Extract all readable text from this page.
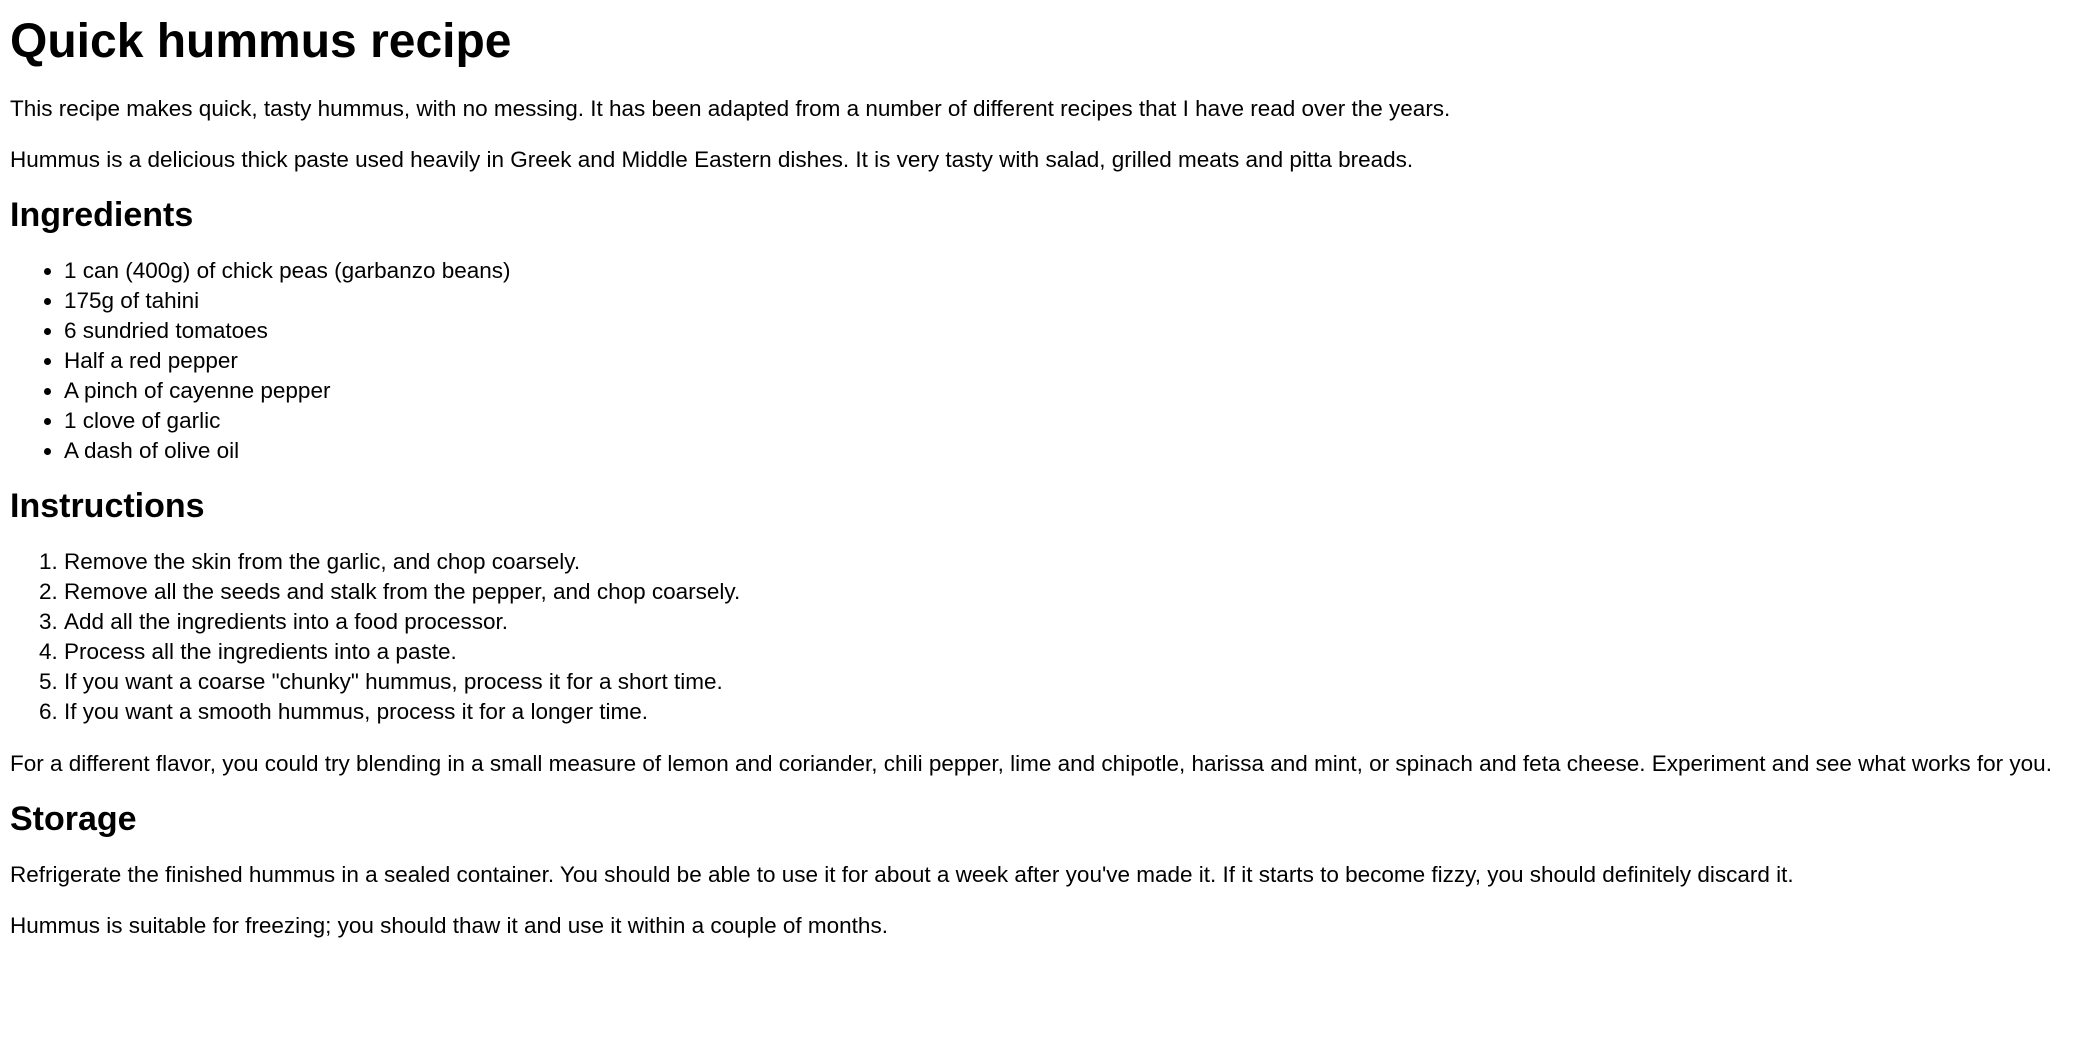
Quick hummus recipe

This recipe makes quick, tasty hummus, with no messing. It has been adapted from a number of different recipes that I have read over the years.

Hummus is a delicious thick paste used heavily in Greek and Middle Eastern dishes. It is very tasty with salad, grilled meats and pitta breads.

Ingredients
• 1 can (400g) of chick peas (garbanzo beans)
• 175g of tahini
• 6 sundried tomatoes
• Half a red pepper
• A pinch of cayenne pepper
• 1 clove of garlic
• A dash of olive oil
Instructions
1. Remove the skin from the garlic, and chop coarsely.
2. Remove all the seeds and stalk from the pepper, and chop coarsely.
3. Add all the ingredients into a food processor.
4. Process all the ingredients into a paste.
5. If you want a coarse "chunky" hummus, process it for a short time.
6. If you want a smooth hummus, process it for a longer time.

For a different flavor, you could try blending in a small measure of lemon and coriander, chili pepper, lime and chipotle, harissa and mint, or spinach and feta cheese. Experiment and see what works for you.

Storage

Refrigerate the finished hummus in a sealed container. You should be able to use it for about a week after you've made it. If it starts to become fizzy, you should definitely discard it.

Hummus is suitable for freezing; you should thaw it and use it within a couple of months.
